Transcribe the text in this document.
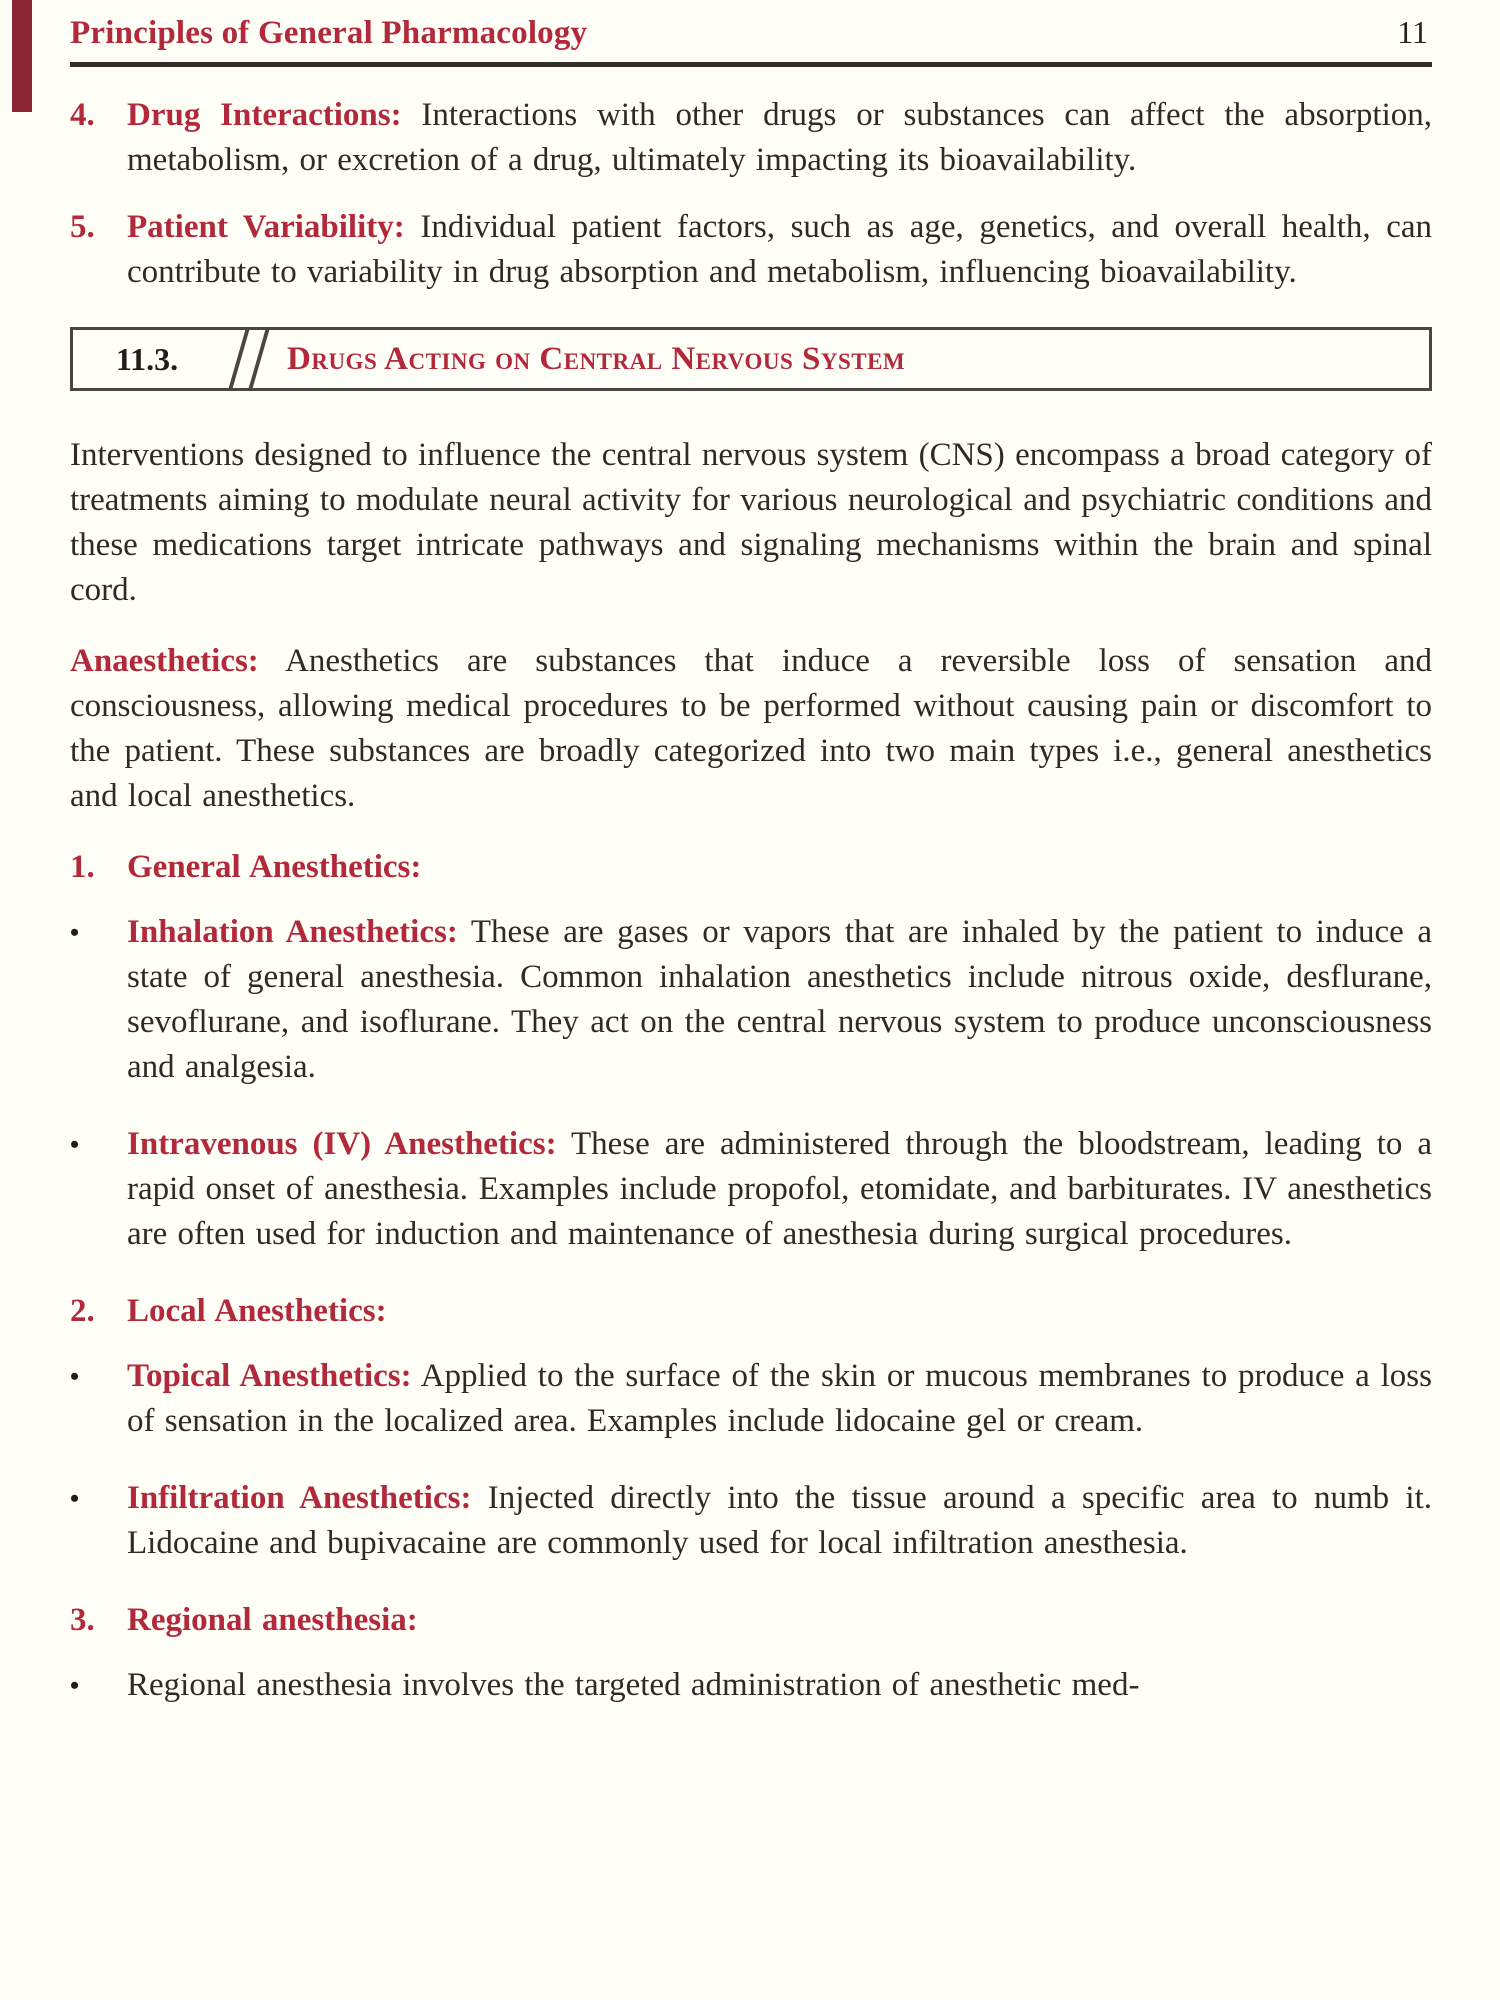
Principles of General Pharmacology	11
4. Drug Interactions: Interactions with other drugs or substances can affect the absorption, metabolism, or excretion of a drug, ultimately impacting its bioavailability.
5. Patient Variability: Individual patient factors, such as age, genetics, and overall health, can contribute to variability in drug absorption and metabolism, influencing bioavailability.
11.3.	Drugs Acting on Central Nervous System
Interventions designed to influence the central nervous system (CNS) encompass a broad category of treatments aiming to modulate neural activity for various neurological and psychiatric conditions and these medications target intricate pathways and signaling mechanisms within the brain and spinal cord.
Anaesthetics: Anesthetics are substances that induce a reversible loss of sensation and consciousness, allowing medical procedures to be performed without causing pain or discomfort to the patient. These substances are broadly categorized into two main types i.e., general anesthetics and local anesthetics.
1. General Anesthetics:
•	Inhalation Anesthetics: These are gases or vapors that are inhaled by the patient to induce a state of general anesthesia. Common inhalation anesthetics include nitrous oxide, desflurane, sevoflurane, and isoflurane. They act on the central nervous system to produce unconsciousness and analgesia.
•	Intravenous (IV) Anesthetics: These are administered through the bloodstream, leading to a rapid onset of anesthesia. Examples include propofol, etomidate, and barbiturates. IV anesthetics are often used for induction and maintenance of anesthesia during surgical procedures.
2. Local Anesthetics:
•	Topical Anesthetics: Applied to the surface of the skin or mucous membranes to produce a loss of sensation in the localized area. Examples include lidocaine gel or cream.
•	Infiltration Anesthetics: Injected directly into the tissue around a specific area to numb it. Lidocaine and bupivacaine are commonly used for local infiltration anesthesia.
3. Regional anesthesia:
•	Regional anesthesia involves the targeted administration of anesthetic med-
